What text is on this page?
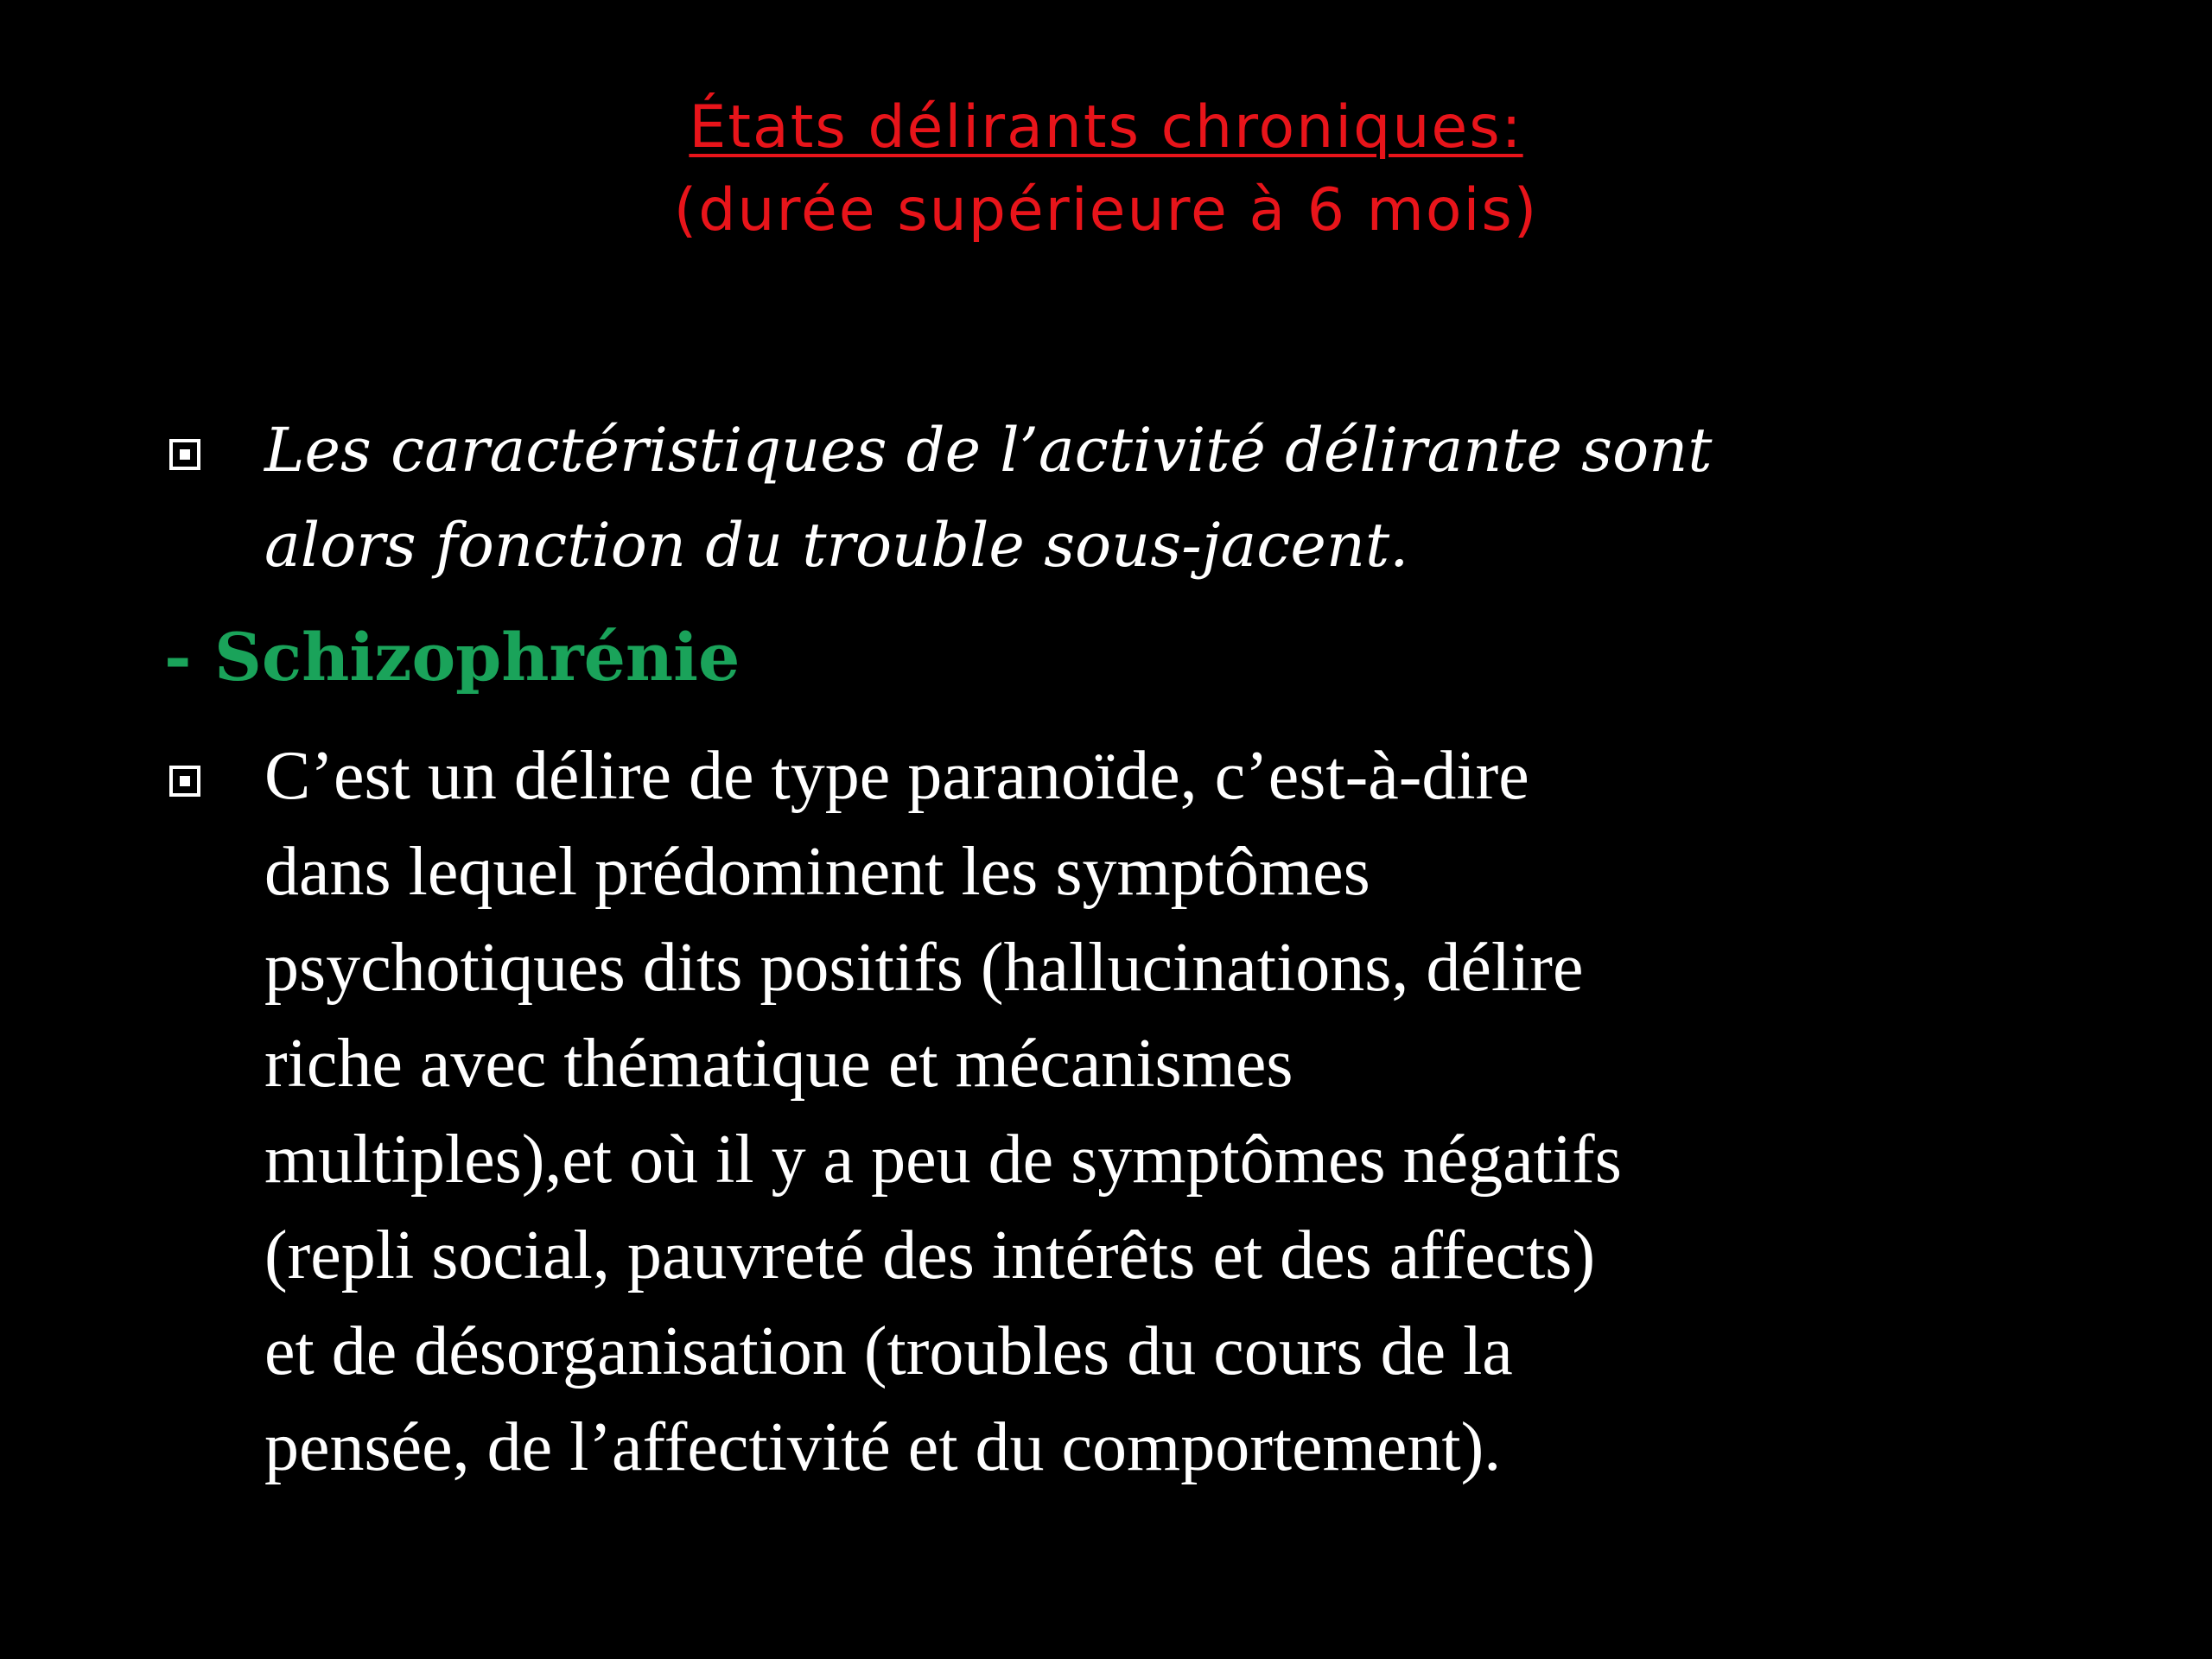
États délirants chroniques:
(durée supérieure à 6 mois)
Les caractéristiques de l’activité délirante sont
alors fonction du trouble sous-jacent.
- Schizophrénie
C’est un délire de type paranoïde, c’est-à-dire
dans lequel prédominent les symptômes
psychotiques dits positifs (hallucinations, délire
riche avec thématique et mécanismes
multiples),et où il y a peu de symptômes négatifs
(repli social, pauvreté des intérêts et des affects)
et de désorganisation (troubles du cours de la
pensée, de l’affectivité et du comportement).
